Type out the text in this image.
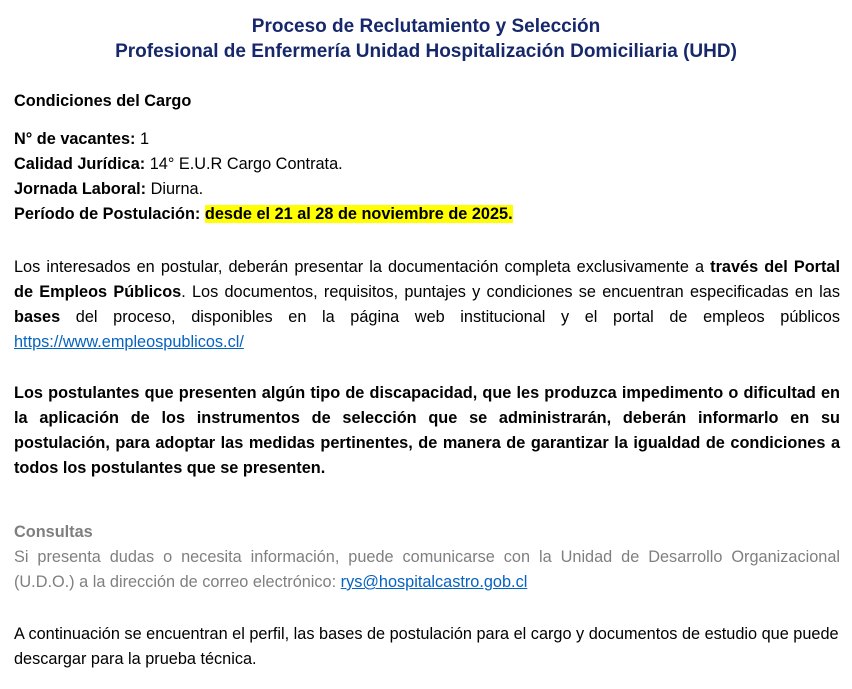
Proceso de Reclutamiento y Selección
Profesional de Enfermería Unidad Hospitalización Domiciliaria (UHD)
Condiciones del Cargo
N° de vacantes: 1
Calidad Jurídica: 14° E.U.R Cargo Contrata.
Jornada Laboral: Diurna.
Período de Postulación: desde el 21 al 28 de noviembre de 2025.
Los interesados en postular, deberán presentar la documentación completa exclusivamente a través del Portal de Empleos Públicos. Los documentos, requisitos, puntajes y condiciones se encuentran especificadas en las bases del proceso, disponibles en la página web institucional y el portal de empleos públicos https://www.empleospublicos.cl/
Los postulantes que presenten algún tipo de discapacidad, que les produzca impedimento o dificultad en la aplicación de los instrumentos de selección que se administrarán, deberán informarlo en su postulación, para adoptar las medidas pertinentes, de manera de garantizar la igualdad de condiciones a todos los postulantes que se presenten.
Consultas
Si presenta dudas o necesita información, puede comunicarse con la Unidad de Desarrollo Organizacional (U.D.O.) a la dirección de correo electrónico: rys@hospitalcastro.gob.cl
A continuación se encuentran el perfil, las bases de postulación para el cargo y documentos de estudio que puede descargar para la prueba técnica.
